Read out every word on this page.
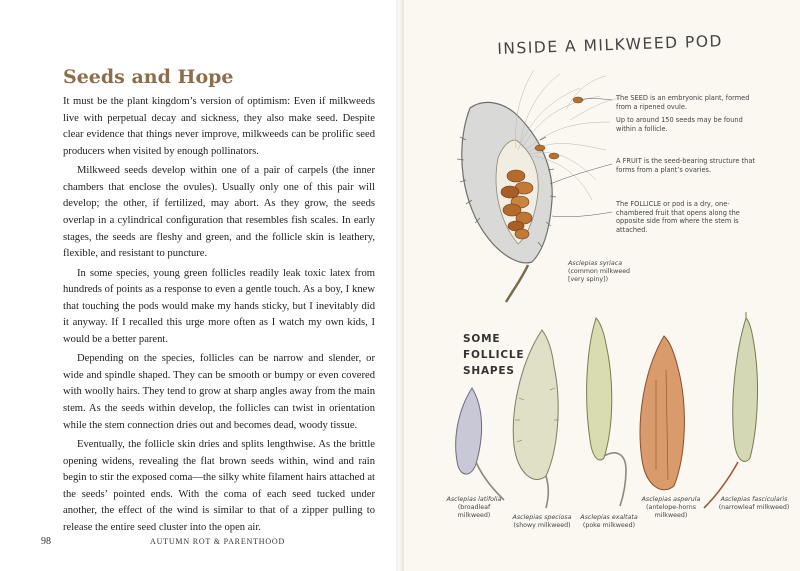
Seeds and Hope

It must be the plant kingdom’s version of optimism: Even if milkweeds live with perpetual decay and sickness, they also make seed. Despite clear evidence that things never improve, milkweeds can be prolific seed producers when visited by enough pollinators.

Milkweed seeds develop within one of a pair of carpels (the inner chambers that enclose the ovules). Usually only one of this pair will develop; the other, if fertilized, may abort. As they grow, the seeds overlap in a cylindrical configuration that resembles fish scales. In early stages, the seeds are fleshy and green, and the follicle skin is leathery, flexible, and resistant to puncture.

In some species, young green follicles readily leak toxic latex from hundreds of points as a response to even a gentle touch. As a boy, I knew that touching the pods would make my hands sticky, but I inevitably did it anyway. If I recalled this urge more often as I watch my own kids, I would be a better parent.

Depending on the species, follicles can be narrow and slender, or wide and spindle shaped. They can be smooth or bumpy or even covered with woolly hairs. They tend to grow at sharp angles away from the main stem. As the seeds within develop, the follicles can twist in orientation while the stem connection dries out and becomes dead, woody tissue.

Eventually, the follicle skin dries and splits lengthwise. As the brittle opening widens, revealing the flat brown seeds within, wind and rain begin to stir the exposed coma—the silky white filament hairs attached at the seeds’ pointed ends. With the coma of each seed tucked under another, the effect of the wind is similar to that of a zipper pulling to release the entire seed cluster into the open air.

98	AUTUMN ROT & PARENTHOOD
INSIDE A MILKWEED POD
The SEED is an embryonic plant, formed from a ripened ovule.
Up to around 150 seeds may be found within a follicle.
A FRUIT is the seed-bearing structure that forms from a plant’s ovaries.
The FOLLICLE or pod is a dry, one-chambered fruit that opens along the opposite side from where the stem is attached.
Asclepias syriaca
(common milkweed
[very spiny])
SOME
FOLLICLE
SHAPES
Asclepias latifolia
(broadleaf milkweed)	Asclepias speciosa
(showy milkweed)
Asclepias exaltata
(poke milkweed)
Asclepias asperula
(antelope-horns milkweed)
Asclepias fascicularis
(narrowleaf milkweed)
